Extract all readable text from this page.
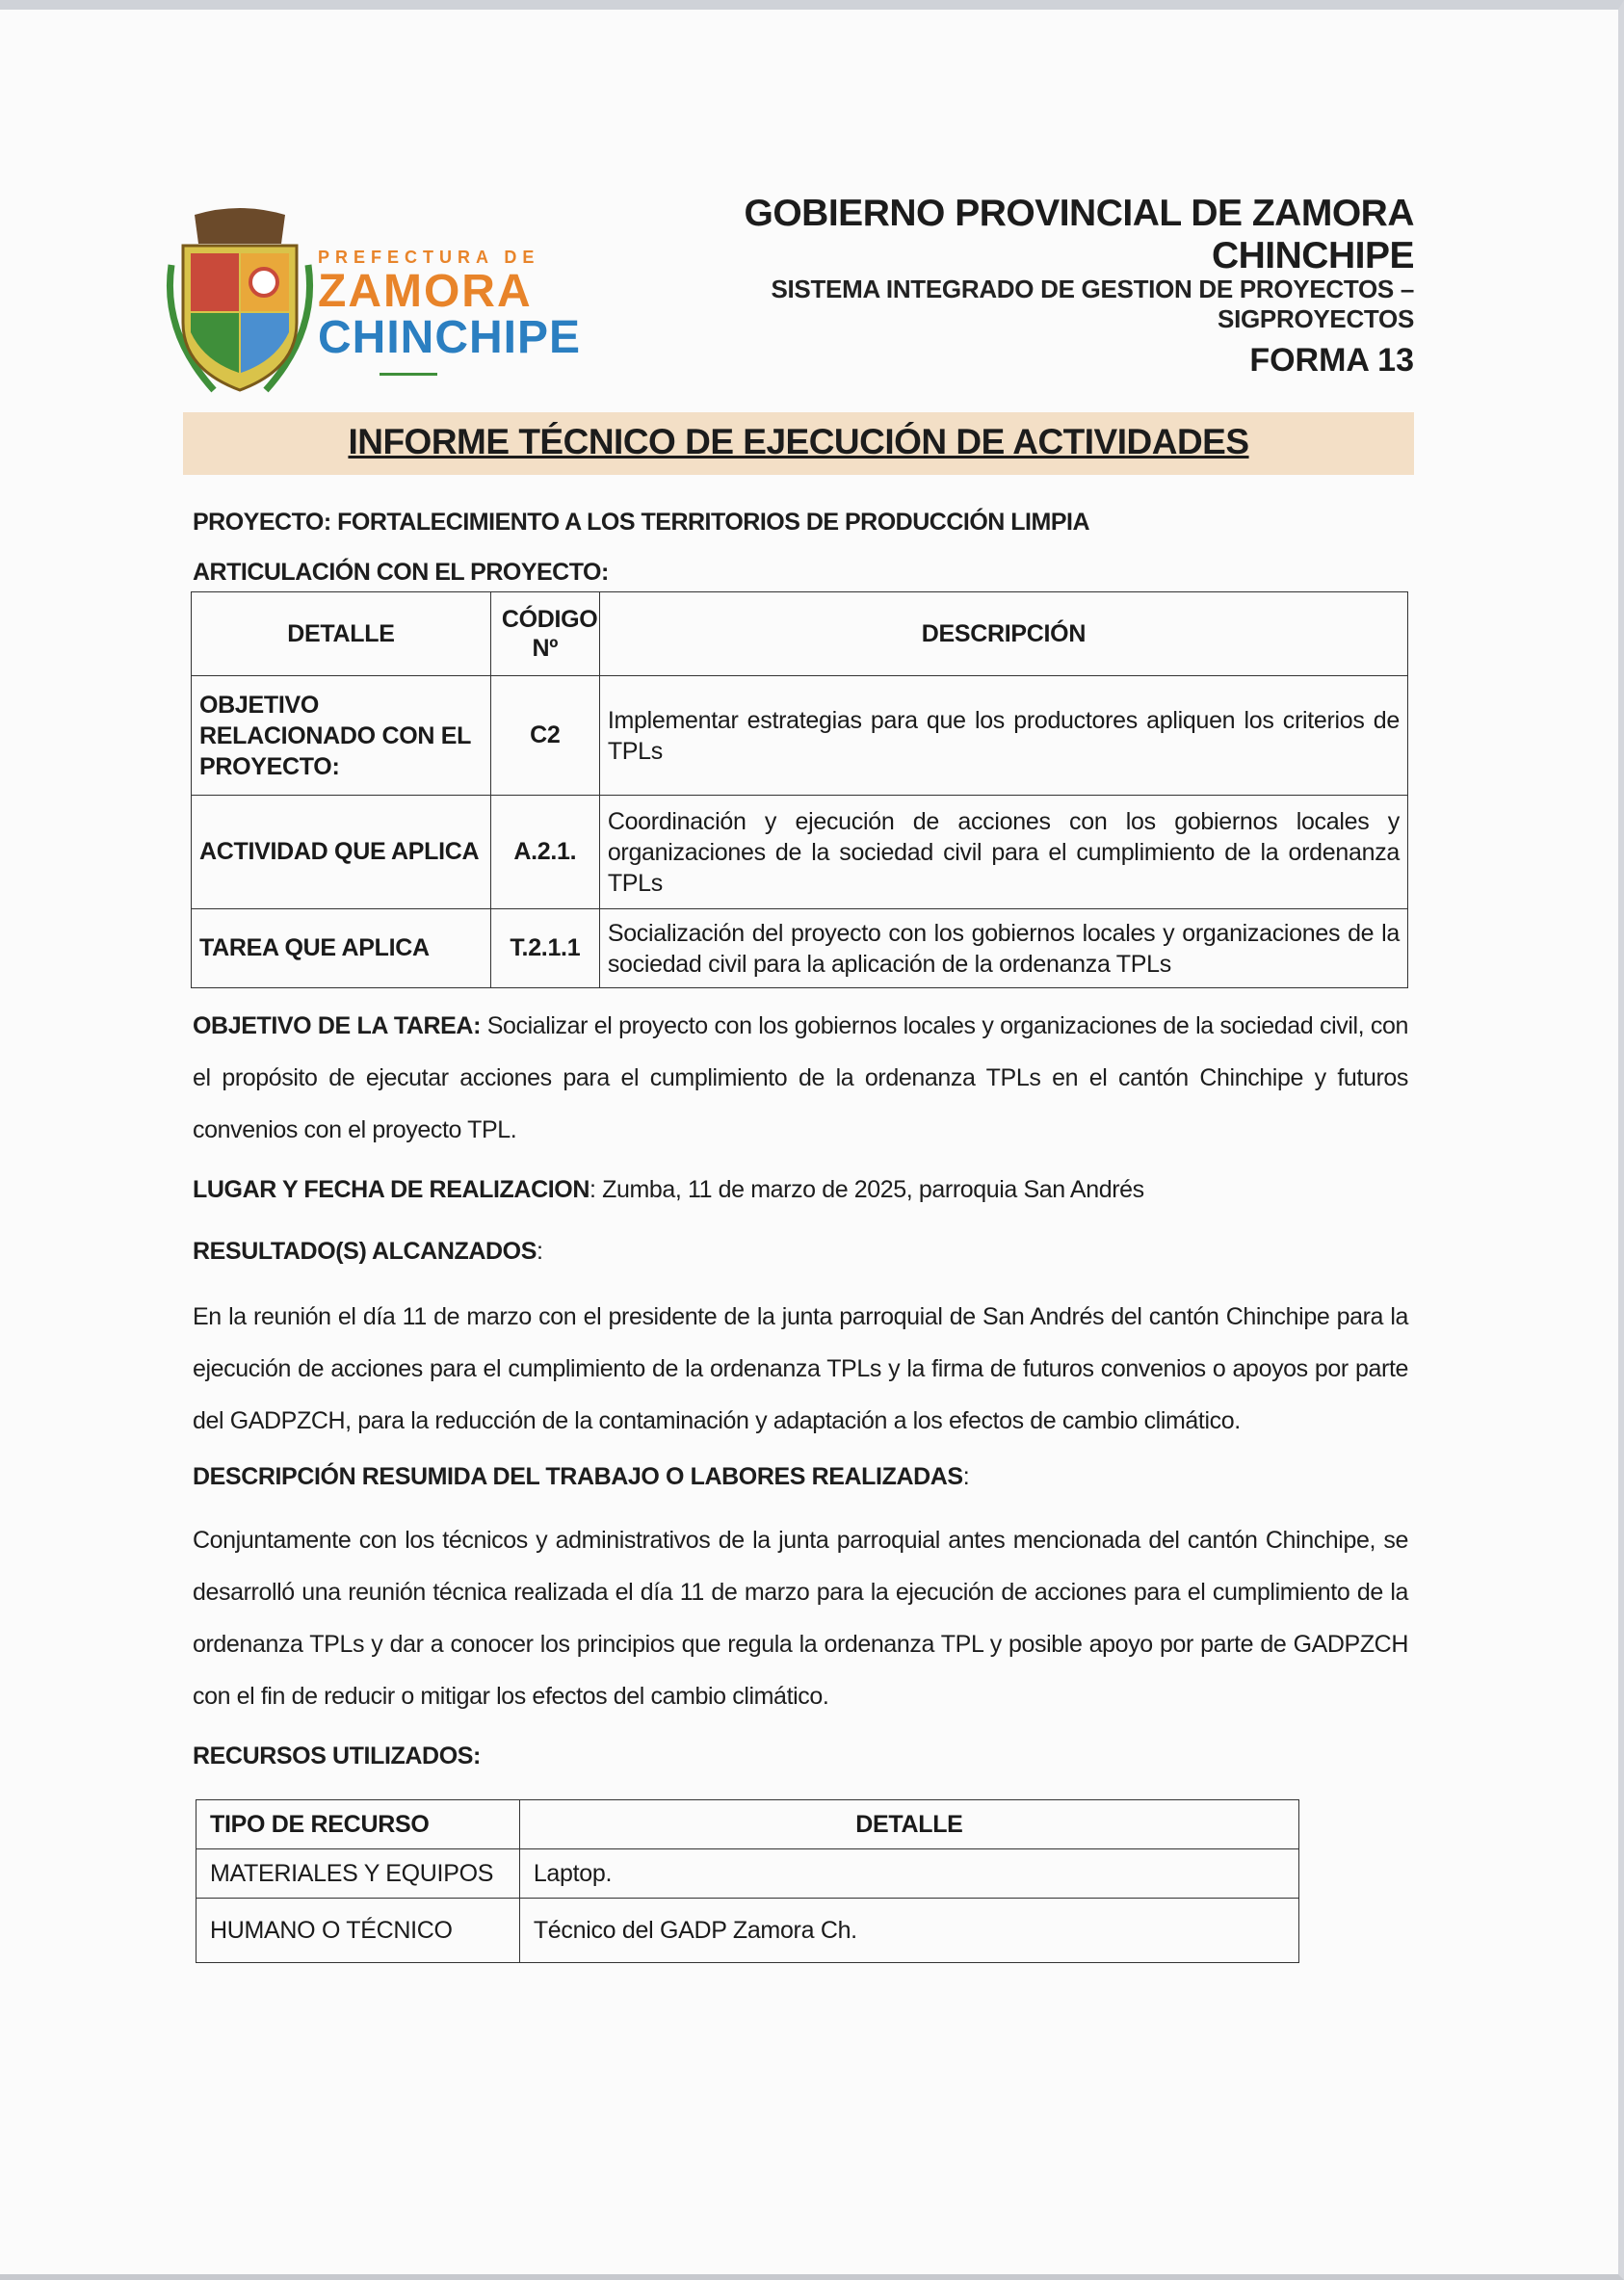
PREFECTURA DE
ZAMORA
CHINCHIPE
GOBIERNO PROVINCIAL DE ZAMORA CHINCHIPE
SISTEMA INTEGRADO DE GESTION DE PROYECTOS – SIGPROYECTOS
FORMA 13
INFORME TÉCNICO DE EJECUCIÓN DE ACTIVIDADES
PROYECTO: FORTALECIMIENTO A LOS TERRITORIOS DE PRODUCCIÓN LIMPIA
ARTICULACIÓN CON EL PROYECTO:
DETALLE	CÓDIGO Nº	DESCRIPCIÓN
OBJETIVO RELACIONADO CON EL PROYECTO:	C2	Implementar estrategias para que los productores apliquen los criterios de TPLs
ACTIVIDAD QUE APLICA	A.2.1.	Coordinación y ejecución de acciones con los gobiernos locales y organizaciones de la sociedad civil para el cumplimiento de la ordenanza TPLs
TAREA QUE APLICA	T.2.1.1	Socialización del proyecto con los gobiernos locales y organizaciones de la sociedad civil para la aplicación de la ordenanza TPLs
OBJETIVO DE LA TAREA: Socializar el proyecto con los gobiernos locales y organizaciones de la sociedad civil, con el propósito de ejecutar acciones para el cumplimiento de la ordenanza TPLs en el cantón Chinchipe y futuros convenios con el proyecto TPL.
LUGAR Y FECHA DE REALIZACION: Zumba, 11 de marzo de 2025, parroquia San Andrés
RESULTADO(S) ALCANZADOS:
En la reunión el día 11 de marzo con el presidente de la junta parroquial de San Andrés del cantón Chinchipe para la ejecución de acciones para el cumplimiento de la ordenanza TPLs y la firma de futuros convenios o apoyos por parte del GADPZCH, para la reducción de la contaminación y adaptación a los efectos de cambio climático.
DESCRIPCIÓN RESUMIDA DEL TRABAJO O LABORES REALIZADAS:
Conjuntamente con los técnicos y administrativos de la junta parroquial antes mencionada del cantón Chinchipe, se desarrolló una reunión técnica realizada el día 11 de marzo para la ejecución de acciones para el cumplimiento de la ordenanza TPLs y dar a conocer los principios que regula la ordenanza TPL y posible apoyo por parte de GADPZCH con el fin de reducir o mitigar los efectos del cambio climático.
RECURSOS UTILIZADOS:
TIPO DE RECURSO	DETALLE
MATERIALES Y EQUIPOS	Laptop.
HUMANO O TÉCNICO	Técnico del GADP Zamora Ch.
